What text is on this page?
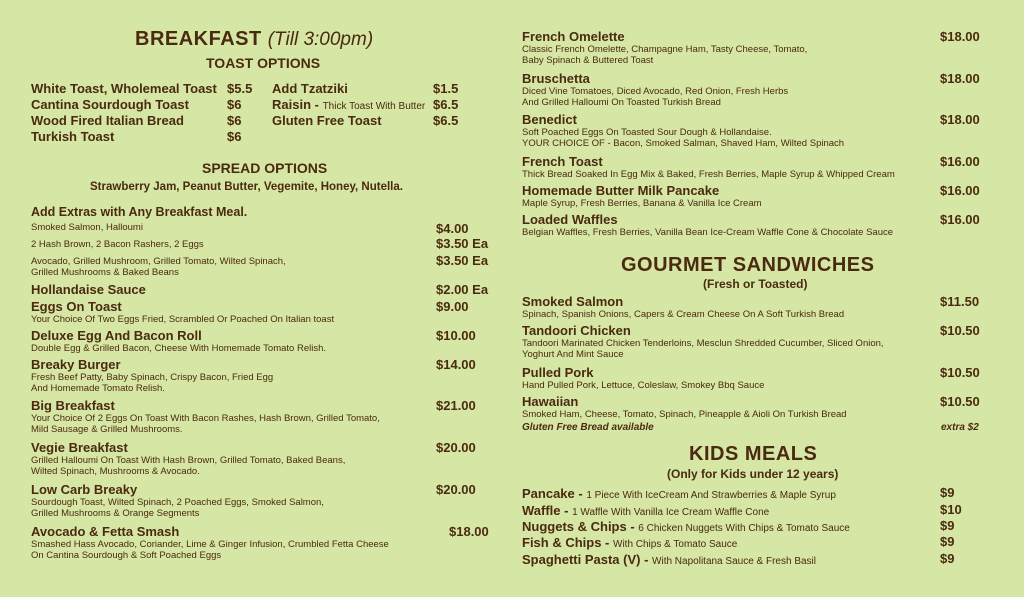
BREAKFAST (Till 3:00pm)
TOAST OPTIONS
White Toast, Wholemeal Toast $5.5
Cantina Sourdough Toast	$6
Wood Fired Italian Bread	$6
Turkish Toast	$6
Add Tzatziki	$1.5
Raisin - Thick Toast With Butter $6.5
Gluten Free Toast	$6.5
SPREAD OPTIONS
Strawberry Jam, Peanut Butter, Vegemite, Honey, Nutella.
Add Extras with Any Breakfast Meal.
Smoked Salmon, Halloumi	$4.00
2 Hash Brown, 2 Bacon Rashers, 2 Eggs	$3.50 Ea
Avocado, Grilled Mushroom, Grilled Tomato, Wilted Spinach,
Grilled Mushrooms & Baked Beans
$3.50 Ea
Hollandaise Sauce	$2.00 Ea
Eggs On Toast
Your Choice Of Two Eggs Fried, Scrambled Or Poached On Italian toast
$9.00
Deluxe Egg And Bacon Roll
Double Egg & Grilled Bacon, Cheese With Homemade Tomato Relish.
$10.00
Breaky Burger
Fresh Beef Patty, Baby Spinach, Crispy Bacon, Fried Egg
And Homemade Tomato Relish.
$14.00
Big Breakfast
Your Choice Of 2 Eggs On Toast With Bacon Rashes, Hash Brown, Grilled Tomato,
Mild Sausage & Grilled Mushrooms.
$21.00
Vegie Breakfast
Grilled Halloumi On Toast With Hash Brown, Grilled Tomato, Baked Beans,
Wilted Spinach, Mushrooms & Avocado.
$20.00
Low Carb Breaky
Sourdough Toast, Wilted Spinach, 2 Poached Eggs, Smoked Salmon,
Grilled Mushrooms & Orange Segments
$20.00
Avocado & Fetta Smash
Smashed Hass Avocado, Coriander, Lime & Ginger Infusion, Crumbled Fetta Cheese
On Cantina Sourdough & Soft Poached Eggs
$18.00
French Omelette
Classic French Omelette, Champagne Ham, Tasty Cheese, Tomato,
Baby Spinach & Buttered Toast
$18.00
Bruschetta
Diced Vine Tomatoes, Diced Avocado, Red Onion, Fresh Herbs
And Grilled Halloumi On Toasted Turkish Bread
$18.00
Benedict
Soft Poached Eggs On Toasted Sour Dough & Hollandaise.
YOUR CHOICE OF - Bacon, Smoked Salman, Shaved Ham, Wilted Spinach
$18.00
French Toast
Thick Bread Soaked In Egg Mix & Baked, Fresh Berries, Maple Syrup & Whipped Cream
$16.00
Homemade Butter Milk Pancake
Maple Syrup, Fresh Berries, Banana & Vanilla Ice Cream
$16.00
Loaded Waffles
Belgian Waffles, Fresh Berries, Vanilla Bean Ice-Cream Waffle Cone & Chocolate Sauce
$16.00
GOURMET SANDWICHES
(Fresh or Toasted)
Smoked Salmon
Spinach, Spanish Onions, Capers & Cream Cheese On A Soft Turkish Bread
$11.50
Tandoori Chicken
Tandoori Marinated Chicken Tenderloins, Mesclun Shredded Cucumber, Sliced Onion,
Yoghurt And Mint Sauce
$10.50
Pulled Pork
Hand Pulled Pork, Lettuce, Coleslaw, Smokey Bbq Sauce
$10.50
Hawaiian
Smoked Ham, Cheese, Tomato, Spinach, Pineapple & Aioli On Turkish Bread
$10.50
Gluten Free Bread available	extra $2
KIDS MEALS
(Only for Kids under 12 years)
Pancake - 1 Piece With IceCream And Strawberries & Maple Syrup	$9
Waffle - 1 Waffle With Vanilla Ice Cream Waffle Cone	$10
Nuggets & Chips - 6 Chicken Nuggets With Chips & Tomato Sauce	$9
Fish & Chips - With Chips & Tomato Sauce	$9
Spaghetti Pasta (V) - With Napolitana Sauce & Fresh Basil	$9
